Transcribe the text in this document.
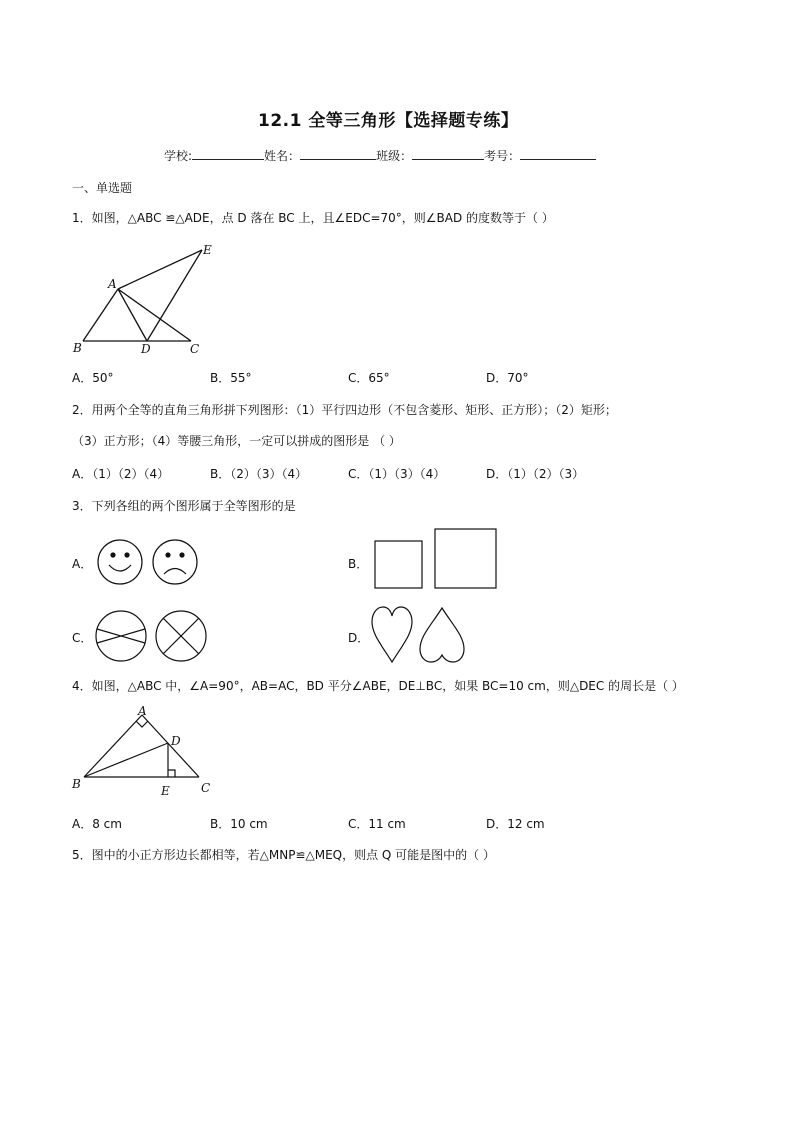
12.1 全等三角形【选择题专练】
学校:	姓名：	班级：	考号：
一、单选题
1．如图，△ABC ≌△ADE，点 D 落在 BC 上，且∠EDC=70°，则∠BAD 的度数等于（ ）
A
B	D	C
E
A．50°	B．55°	C．65°	D．70°
2．用两个全等的直角三角形拼下列图形：（1）平行四边形（不包含菱形、矩形、正方形）；（2）矩形；
（3）正方形；（4）等腰三角形，一定可以拼成的图形是 （ ）
A．（1）（2）（4）	B．（2）（3）（4）	C．（1）（3）（4）	D．（1）（2）（3）
3．下列各组的两个图形属于全等图形的是
A．	B．
C．	D．
4．如图，△ABC 中，∠A=90°，AB=AC，BD 平分∠ABE，DE⊥BC，如果 BC=10 cm，则△DEC 的周长是（ ）
A
D
B	E	C
A．8 cm	B．10 cm	C．11 cm	D．12 cm
5．图中的小正方形边长都相等，若△MNP≌△MEQ，则点 Q 可能是图中的（ ）
